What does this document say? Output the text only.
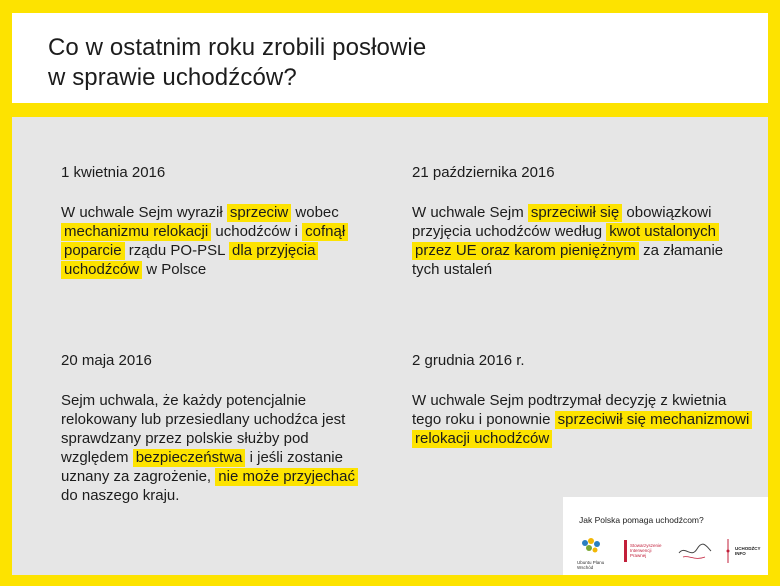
Co w ostatnim roku zrobili posłowie
w sprawie uchodźców?
1 kwietnia 2016

W uchwale Sejm wyraził sprzeciw wobec mechanizmu relokacji uchodźców i cofnął poparcie rządu PO-PSL dla przyjęcia uchodźców w Polsce

21 października 2016

W uchwale Sejm sprzeciwił się obowiązkowi przyjęcia uchodźców według kwot ustalonych przez UE oraz karom pieniężnym za złamanie tych ustaleń

20 maja 2016

Sejm uchwala, że każdy potencjalnie relokowany lub przesiedlany uchodźca jest sprawdzany przez polskie służby pod względem bezpieczeństwa i jeśli zostanie uznany za zagrożenie, nie może przyjechać do naszego kraju.

2 grudnia 2016 r.

W uchwale Sejm podtrzymał decyzję z kwietnia tego roku i ponownie sprzeciwił się mechanizmowi relokacji uchodźców

Jak Polska pomaga uchodźcom?

Ubuntu Planu Wschód
Stowarzyszenie Interwencji Prawnej
UCHODŹCY INFO
